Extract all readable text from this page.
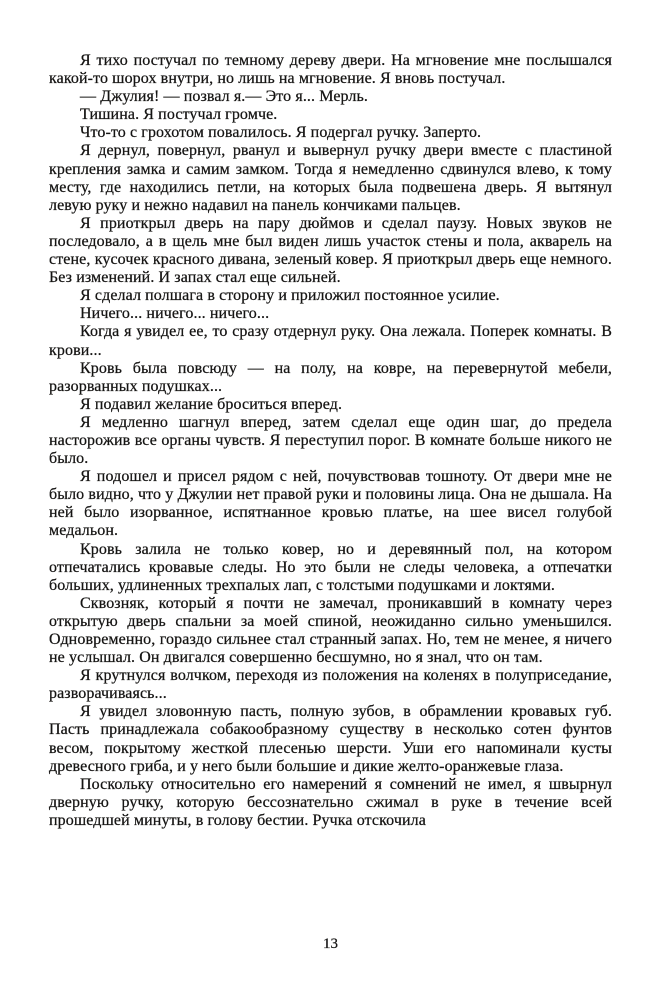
Я тихо постучал по темному дереву двери. На мгновение мне послышался какой-то шорох внутри, но лишь на мгновение. Я вновь постучал.

— Джулия! — позвал я.— Это я... Мерль.

Тишина. Я постучал громче.

Что-то с грохотом повалилось. Я подергал ручку. Заперто.

Я дернул, повернул, рванул и вывернул ручку двери вместе с пластиной крепления замка и самим замком. Тогда я немедленно сдвинулся влево, к тому месту, где находились петли, на которых была подвешена дверь. Я вытянул левую руку и нежно надавил на панель кончиками пальцев.

Я приоткрыл дверь на пару дюймов и сделал паузу. Новых звуков не последовало, а в щель мне был виден лишь участок стены и пола, акварель на стене, кусочек красного дивана, зеленый ковер. Я приоткрыл дверь еще немного. Без изменений. И запах стал еще сильней.

Я сделал полшага в сторону и приложил постоянное усилие.

Ничего... ничего... ничего...

Когда я увидел ее, то сразу отдернул руку. Она лежала. Поперек комнаты. В крови...

Кровь была повсюду — на полу, на ковре, на перевернутой мебели, разорванных подушках...

Я подавил желание броситься вперед.

Я медленно шагнул вперед, затем сделал еще один шаг, до предела насторожив все органы чувств. Я переступил порог. В комнате больше никого не было.

Я подошел и присел рядом с ней, почувствовав тошноту. От двери мне не было видно, что у Джулии нет правой руки и половины лица. Она не дышала. На ней было изорванное, испятнанное кровью платье, на шее висел голубой медальон.

Кровь залила не только ковер, но и деревянный пол, на котором отпечатались кровавые следы. Но это были не следы человека, а отпечатки больших, удлиненных трехпалых лап, с толстыми подушками и локтями.

Сквозняк, который я почти не замечал, проникавший в комнату через открытую дверь спальни за моей спиной, неожиданно сильно уменьшился. Одновременно, гораздо сильнее стал странный запах. Но, тем не менее, я ничего не услышал. Он двигался совершенно бесшумно, но я знал, что он там.

Я крутнулся волчком, переходя из положения на коленях в полуприседание, разворачиваясь...

Я увидел зловонную пасть, полную зубов, в обрамлении кровавых губ. Пасть принадлежала собакообразному существу в несколько сотен фунтов весом, покрытому жесткой плесенью шерсти. Уши его напоминали кусты древесного гриба, и у него были большие и дикие желто-оранжевые глаза.

Поскольку относительно его намерений я сомнений не имел, я швырнул дверную ручку, которую бессознательно сжимал в руке в течение всей прошедшей минуты, в голову бестии. Ручка отскочила

13
